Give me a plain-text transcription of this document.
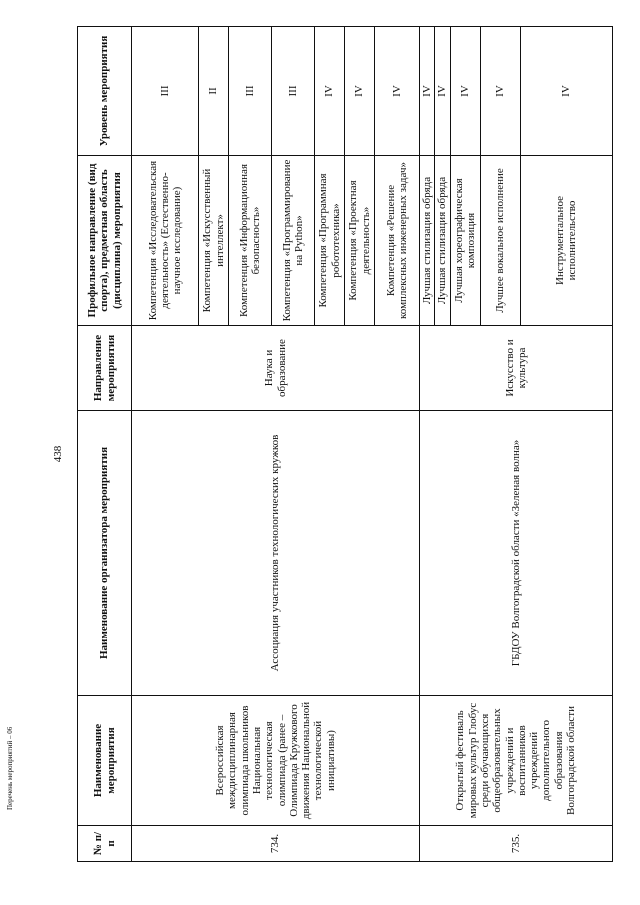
438
№ п/п	Наименование мероприятия	Наименование организатора мероприятия	Направление мероприятия	Профильное направление (вид спорта), предметная область (дисциплина) мероприятия	Уровень мероприятия
734.	Всероссийская междисциплинарная олимпиада школьников Национальная технологическая олимпиада (ранее – Олимпиада Кружкового движения Национальной технологической инициативы)	Ассоциация участников технологических кружков	Наука и образование	Компетенция «Исследовательская деятельность» (Естественно-научное исследование)	III
				Компетенция «Искусственный интеллект»	II
				Компетенция «Информационная безопасность»	III
				Компетенция «Программирование на Python»	III
				Компетенция «Программная робототехника»	IV
				Компетенция «Проектная деятельность»	IV
				Компетенция «Решение комплексных инженерных задач»	IV
735.	Открытый фестиваль мировых культур Глобус среди обучающихся общеобразовательных учреждений и воспитанников учреждений дополнительного образования Волгоградской области	ГБДОУ Волгоградской области «Зеленая волна»	Искусство и культура	Лучшая стилизация обряда	IV
				Лучшая стилизация обряда	IV
				Лучшая хореографическая композиция	IV
				Лучшее вокальное исполнение	IV
				Инструментальное исполнительство	IV
Перечень мероприятий – 06
